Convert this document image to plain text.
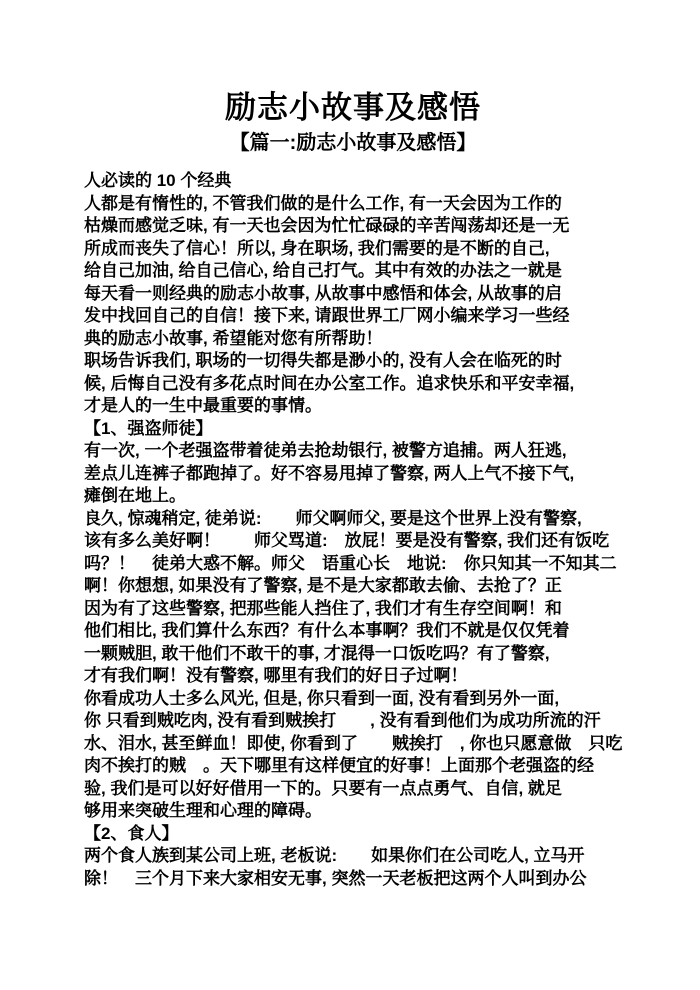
励志小故事及感悟
【篇一:励志小故事及感悟】
人必读的 10 个经典
人都是有惰性的, 不管我们做的是什么工作, 有一天会因为工作的
枯燥而感觉乏味, 有一天也会因为忙忙碌碌的辛苦闯荡却还是一无
所成而丧失了信心！所以, 身在职场, 我们需要的是不断的自己,
给自己加油, 给自己信心, 给自己打气。其中有效的办法之一就是
每天看一则经典的励志小故事, 从故事中感悟和体会, 从故事的启
发中找回自己的自信！接下来, 请跟世界工厂网小编来学习一些经
典的励志小故事, 希望能对您有所帮助！
职场告诉我们, 职场的一切得失都是渺小的, 没有人会在临死的时
候, 后悔自己没有多花点时间在办公室工作。追求快乐和平安幸福,
才是人的一生中最重要的事情。
【1、强盗师徒】
有一次, 一个老强盗带着徒弟去抢劫银行, 被警方追捕。两人狂逃,
差点儿连裤子都跑掉了。好不容易甩掉了警察, 两人上气不接下气,
瘫倒在地上。
良久, 惊魂稍定, 徒弟说:　　师父啊师父, 要是这个世界上没有警察,
该有多么美好啊！　　师父骂道:　放屁！要是没有警察, 我们还有饭吃
吗？！　徒弟大惑不解。师父　语重心长　地说:　你只知其一不知其二
啊！你想想, 如果没有了警察, 是不是大家都敢去偷、去抢了？正
因为有了这些警察, 把那些能人挡住了, 我们才有生存空间啊！和
他们相比, 我们算什么东西？有什么本事啊？我们不就是仅仅凭着
一颗贼胆, 敢干他们不敢干的事, 才混得一口饭吃吗？有了警察,
才有我们啊！没有警察, 哪里有我们的好日子过啊！
你看成功人士多么风光, 但是, 你只看到一面, 没有看到另外一面,
你 只看到贼吃肉, 没有看到贼挨打　　, 没有看到他们为成功所流的汗
水、泪水, 甚至鲜血！即使, 你看到了　　贼挨打　, 你也只愿意做　只吃
肉不挨打的贼　。天下哪里有这样便宜的好事！上面那个老强盗的经
验, 我们是可以好好借用一下的。只要有一点点勇气、自信, 就足
够用来突破生理和心理的障碍。
【2、食人】
两个食人族到某公司上班, 老板说:　　如果你们在公司吃人, 立马开
除！　三个月下来大家相安无事, 突然一天老板把这两个人叫到办公
